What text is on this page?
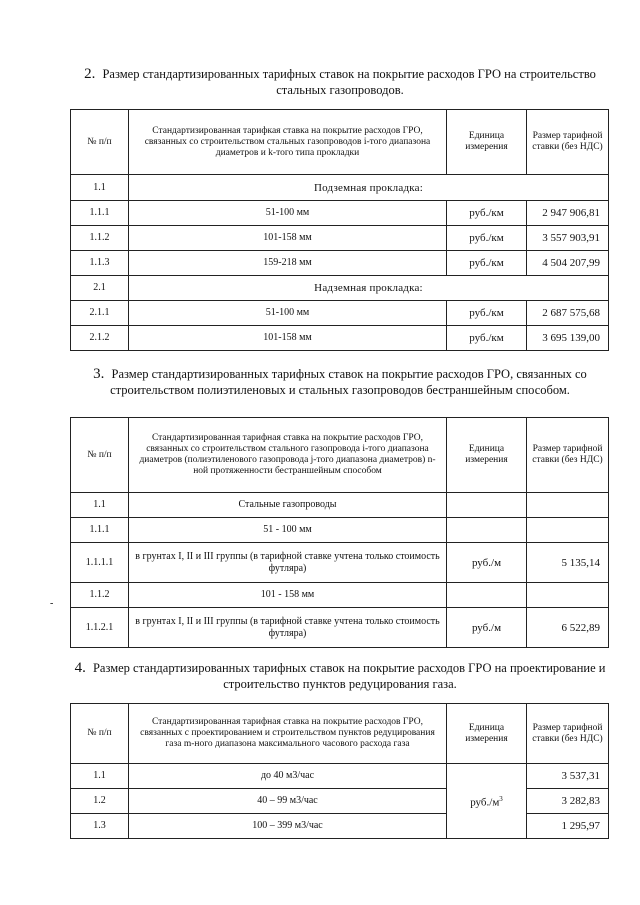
2. Размер стандартизированных тарифных ставок на покрытие расходов ГРО на строительство стальных газопроводов.
№ п/п	Стандартизированная тарифкая ставка на покрытие расходов ГРО, связанных со строительством стальных газопроводов i-того диапазона диаметров и k-того типа прокладки	Единица измерения	Размер тарифной ставки (без НДС)
1.1	Подземная прокладка:		
1.1.1	51-100 мм	руб./км	2 947 906,81
1.1.2	101-158 мм	руб./км	3 557 903,91
1.1.3	159-218 мм	руб./км	4 504 207,99
2.1	Надземная прокладка:		
2.1.1	51-100 мм	руб./км	2 687 575,68
2.1.2	101-158 мм	руб./км	3 695 139,00
3. Размер стандартизированных тарифных ставок на покрытие расходов ГРО, связанных со строительством полиэтиленовых и стальных газопроводов бестраншейным способом.
-
№ п/п	Стандартизированная тарифная ставка на покрытие расходов ГРО, связанных со строительством стального газопровода i-того диапазона диаметров (полиэтиленового газопровода j-того диапазона диаметров) n-ной протяженности бестраншейным способом	Единица измерения	Размер тарифной ставки (без НДС)
1.1	Стальные газопроводы		
1.1.1	51 - 100 мм		
1.1.1.1	в грунтах I, II и III группы (в тарифной ставке учтена только стоимость футляра)	руб./м	5 135,14
1.1.2	101 - 158 мм		
1.1.2.1	в грунтах I, II и III группы (в тарифной ставке учтена только стоимость футляра)	руб./м	6 522,89
4. Размер стандартизированных тарифных ставок на покрытие расходов ГРО на проектирование и строительство пунктов редуцирования газа.
№ п/п	Стандартизированная тарифная ставка на покрытие расходов ГРО, связанных с проектированием и строительством пунктов редуцирования газа m-ного диапазона максимального часового расхода газа	Единица измерения	Размер тарифной ставки (без НДС)
1.1	до 40 м3/час	$руб./м^3$	3 537,31
1.2	40 – 99 м3/час		3 282,83
1.3	100 – 399 м3/час		1 295,97
